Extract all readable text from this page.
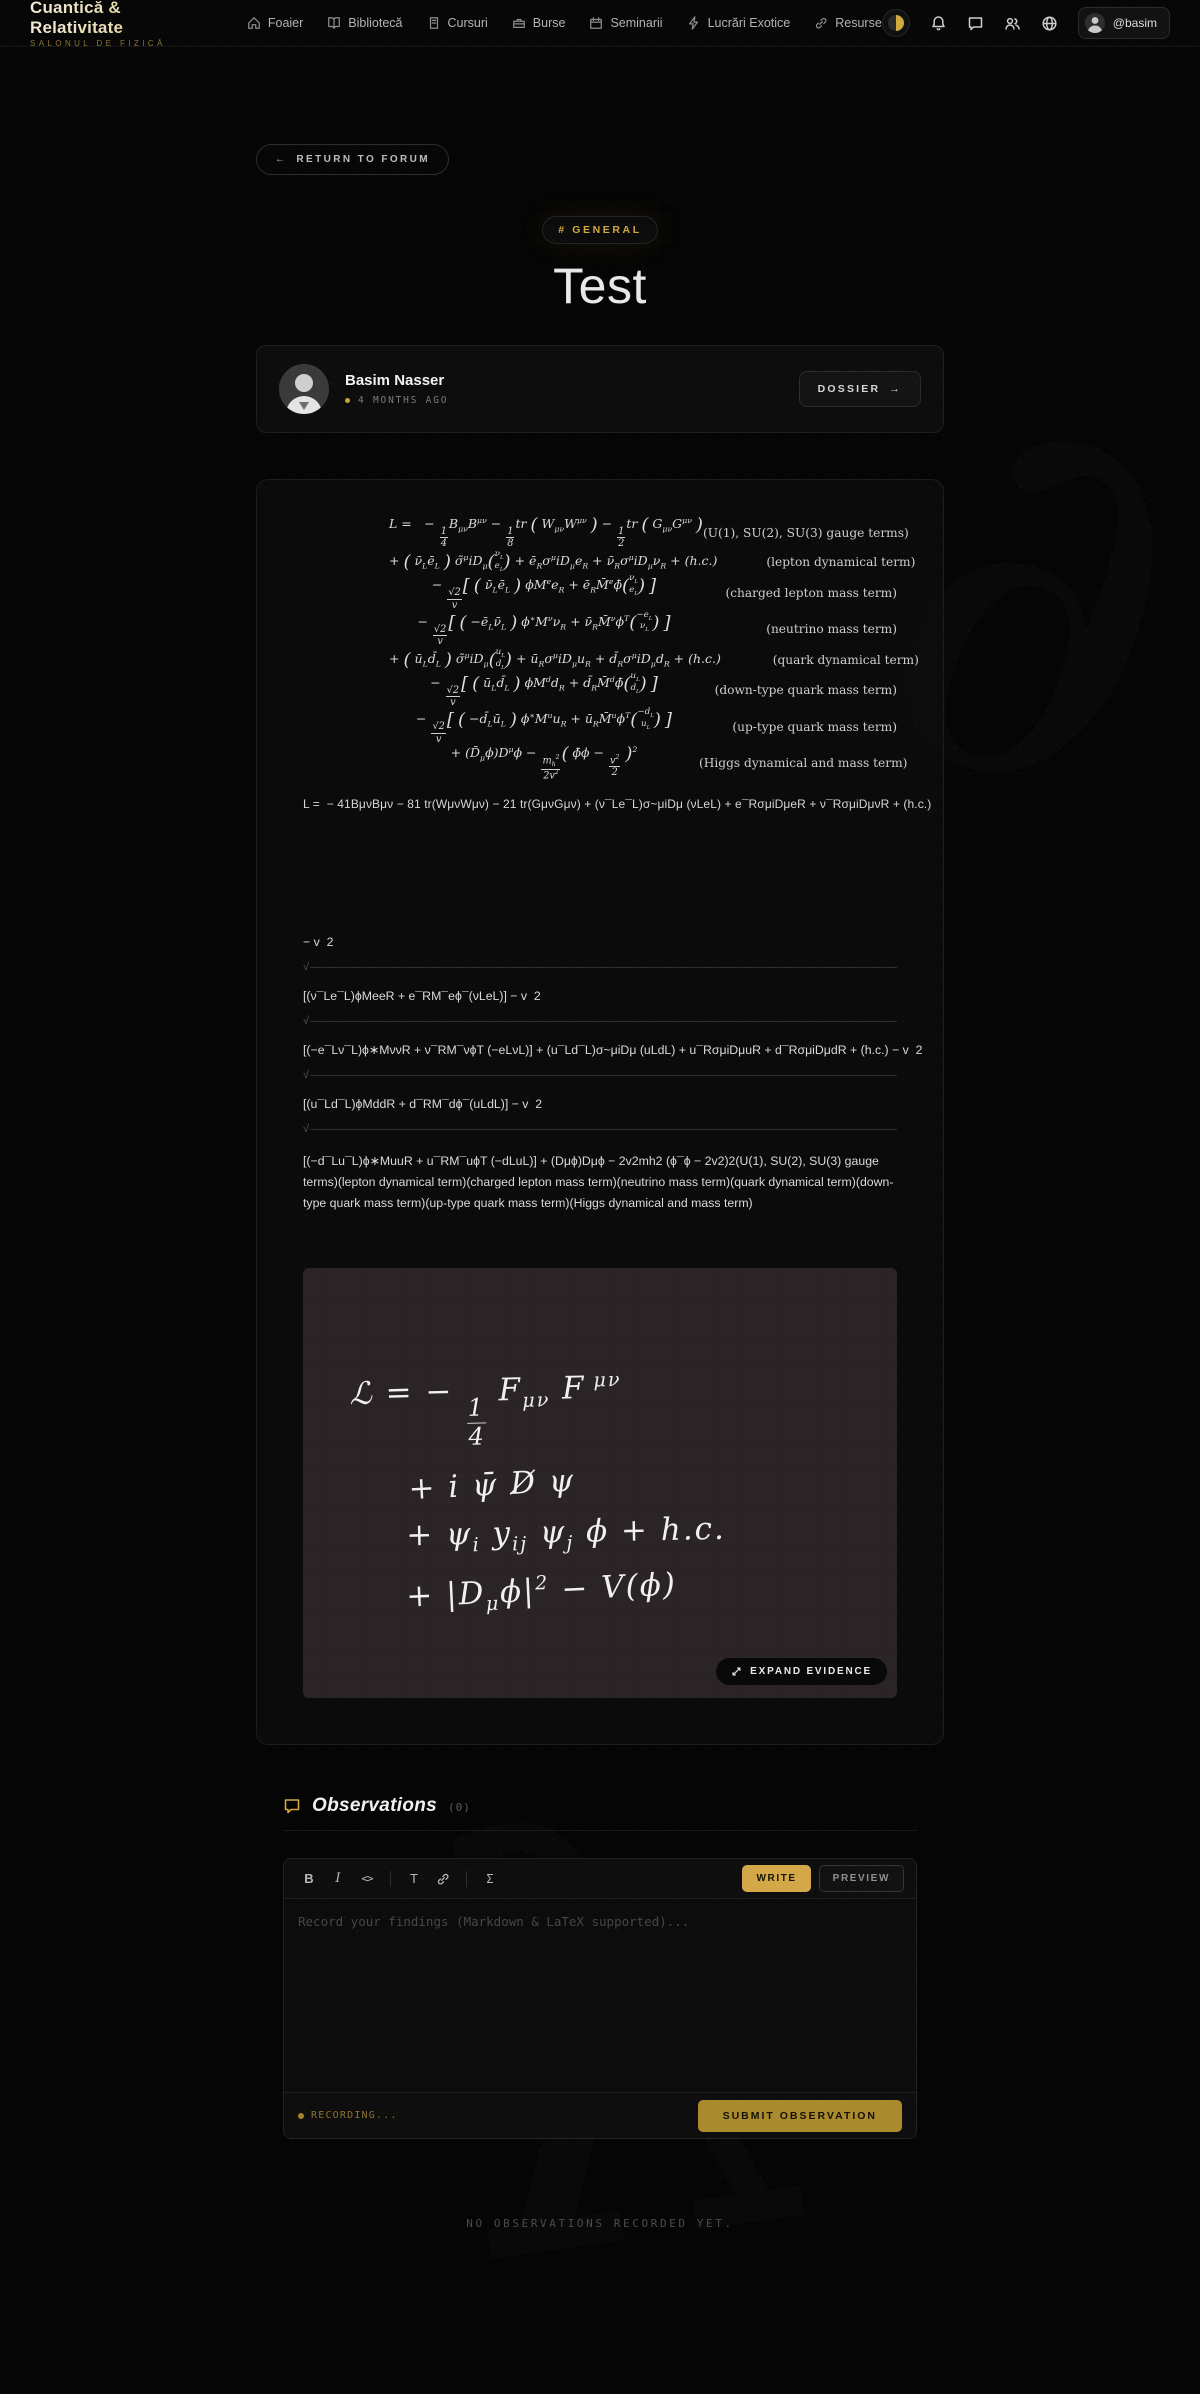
Cuantică & Relativitate
SALONUL DE FIZICĂ
Foaier	Bibliotecă	Cursuri	Burse	Seminarii	Lucrări Exotice	Resurse	@basim
← RETURN TO FORUM
# GENERAL
Test
Basim Nasser
4 MONTHS AGO
DOSSIER →
L =  −
$\frac{1}{4}$
$B_{\mu\nu}B^{\mu\nu}$ −
$\frac{1}{8}$
tr ( $W_{\mu\nu}W^{\mu\nu}$ ) −
$\frac{1}{2}$
tr ( $G_{\mu\nu}G^{\mu\nu}$ ) (U(1), SU(2), SU(3) gauge terms)
+ ( $\nū_Lē_L$ ) $\sigmã^\mu iD_\mu$( $\nu_L$
$e_L$ ) + $ē_R\sigma^\mu iD_\mu e_R$ + $\nū_R\sigma^\mu iD_\mu\nu_R + (h.c.)$	(lepton dynamical term)
−
$\frac{√2}{v}$
[ ( $\nū_Lē_L$ ) $\phi M^ee_R$ + $ē_RM̄^e\phī$( $\nu_L$
$e_L$ ) ]	(charged lepton mass term)
−
$\frac{√2}{v}$
[ ( $-ē_L\nū_L$ ) $\phi^∗M^\nu\nu_R$ + $\nū_RM̄^\nu\phi^T( -e_L$
$\nu_L$ ) ]	(neutrino mass term)
+ ( $ū_Ld̄_L$ ) $\sigmã^\mu iD_\mu$( $u_L$
$d_L$ ) + $ū_R\sigma^\mu iD_\mu u_R$ + $d̄_R\sigma^\mu iD_\mu d_R + (h.c.)$	(quark dynamical term)
−
$\frac{√2}{v}$
[ ( $ū_Ld̄_L$ ) $\phi M^dd_R$ + $d̄_RM̄^d\phī$( $u_L$
$d_L$ ) ]	(down-type quark mass term)
−
$\frac{√2}{v}$
[ ( $-d̄_Lū_L$ ) $\phi^∗M^uu_R$ + $ū_RM̄^u\phi^T( -d_L$
$u_L$ ) ]	(up-type quark mass term)
+ $(D̄_\mu\phi)D^\mu\phi$ −
$\frac{m_h^2}{2v^2}$
( ϕ̄ϕ −
$\frac{v^2}{2}$
)$^2$
(Higgs dynamical and mass term)
L =  − 41BμνBμν − 81 tr(WμνWμν) − 21 tr(GμνGμν) + (ν¯Le¯L)σ~μiDμ (νLeL) + e¯RσμiDμeR + ν¯RσμiDμνR + (h.c.)
− v  2
√
[(ν¯Le¯L)ϕMeeR + e¯RM¯eϕ¯(νLeL)] − v  2
√
[(−e¯Lν¯L)ϕ∗MννR + ν¯RM¯νϕT (−eLνL)] + (u¯Ld¯L)σ~μiDμ (uLdL) + u¯RσμiDμuR + d¯RσμiDμdR + (h.c.) − v  2
√
[(u¯Ld¯L)ϕMddR + d¯RM¯dϕ¯(uLdL)] − v  2
√
[(−d¯Lu¯L)ϕ∗MuuR + u¯RM¯uϕT (−dLuL)] + (Dμϕ)Dμϕ − 2v2mh2 (ϕ¯ϕ − 2v2)2(U(1), SU(2), SU(3) gauge terms)(lepton dynamical term)(charged lepton mass term)(neutrino mass term)(quark dynamical term)(down-type quark mass term)(up-type quark mass term)(Higgs dynamical and mass term)
ℒ = −
$\frac{1}{4}$
$F_{\mu\nu}$ F $^{\mu\nu}$
+ i ψ̄ D̸ ψ
+ $\psi_i$ $y_{ij}$ $\psi_j$ ϕ + h.c.
+ $|D_\mu\phi|^2 - V(\phi)$
EXPAND EVIDENCE
Observations (0)
B	I	<>	T	Σ	WRITE	PREVIEW
Record your findings (Markdown & LaTeX supported)...
RECORDING...	SUBMIT OBSERVATION
NO OBSERVATIONS RECORDED YET.
